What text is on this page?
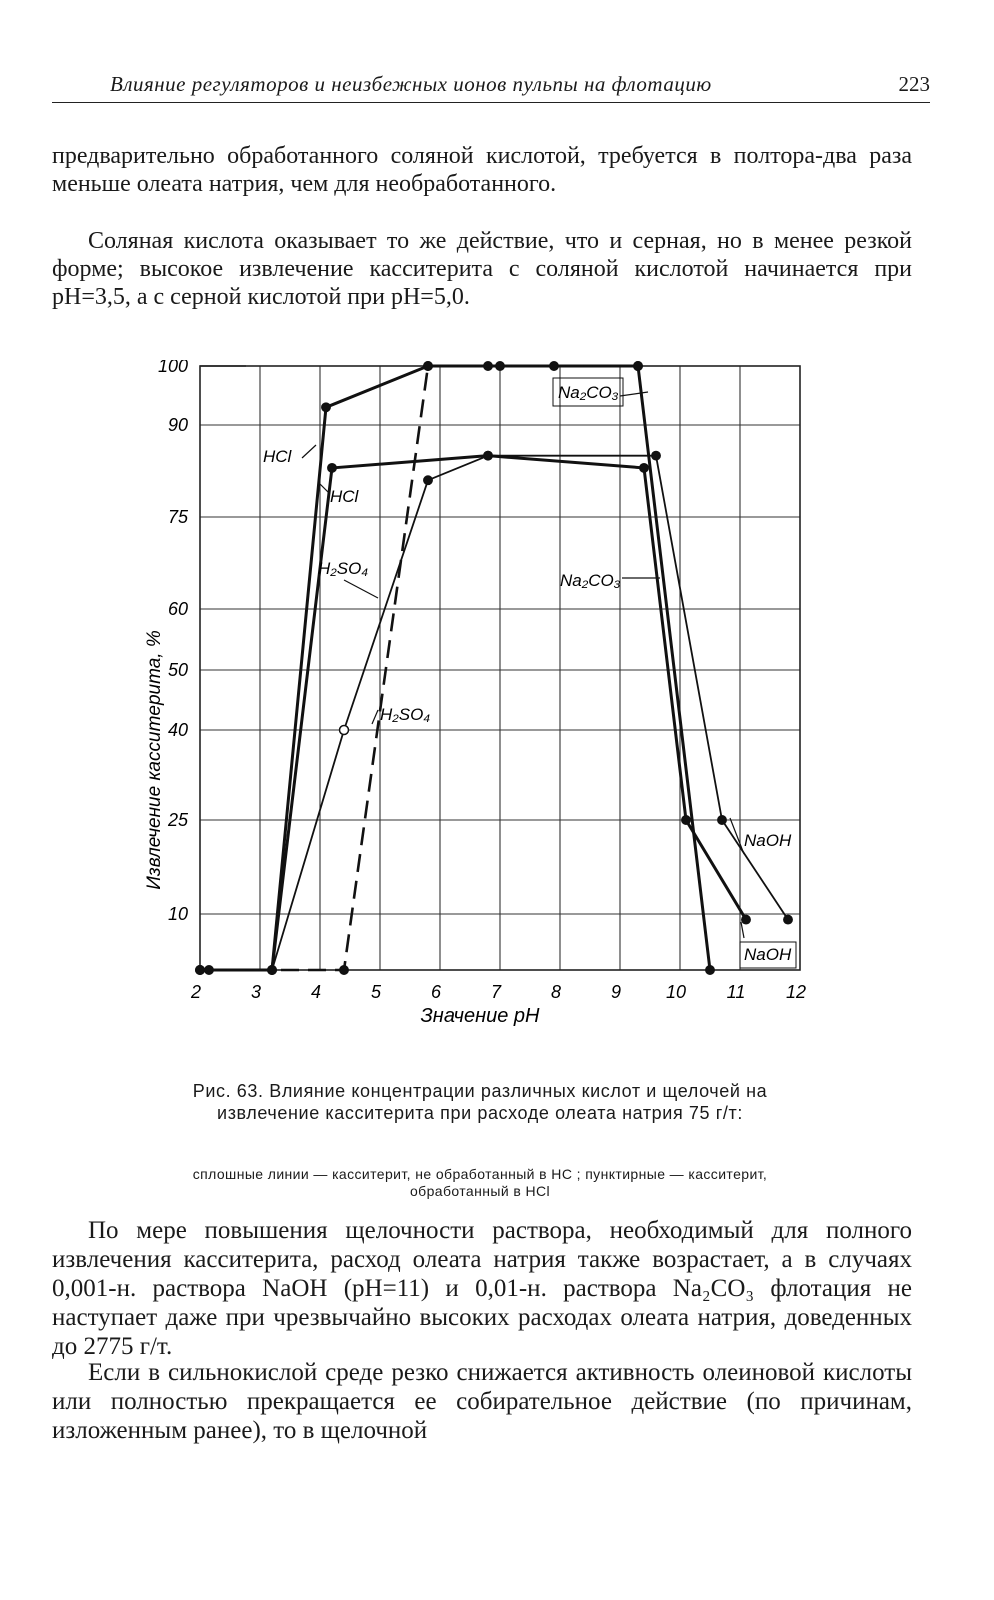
Влияние регуляторов и неизбежных ионов пульпы на флотацию	223

предварительно обработанного соляной кислотой, требуется в полтора-два раза меньше олеата натрия, чем для необработанного.

Соляная кислота оказывает то же действие, что и серная, но в менее резкой форме; высокое извлечение касситерита с соляной кислотой начинается при pH=3,5, а с серной кислотой при pH=5,0.

2	3	4	5	6	7	8	9 10 11 12
100
90
75
60
50
40
25
10
HCl
HCl
H₂SO₄
H₂SO₄
Na₂CO₃
Na₂CO₃
NaOH
NaOH
Значение pH
Извлечение касситерита, %

Рис. 63. Влияние концентрации различных кислот и щелочей на извлечение касситерита при расходе олеата натрия 75 г/т:

сплошные линии — касситерит, не обработанный в HC ; пунктирные — касситерит, обработанный в HCl

По мере повышения щелочности раствора, необходимый для полного извлечения касситерита, расход олеата натрия также возрастает, а в случаях 0,001-н. раствора NaOH (pH=11) и 0,01-н. раствора Na₂CO₃ флотация не наступает даже при чрезвычайно высоких расходах олеата натрия, доведенных до 2775 г/т.

Если в сильнокислой среде резко снижается активность олеиновой кислоты или полностью прекращается ее собирательное действие (по причинам, изложенным ранее), то в щелочной
